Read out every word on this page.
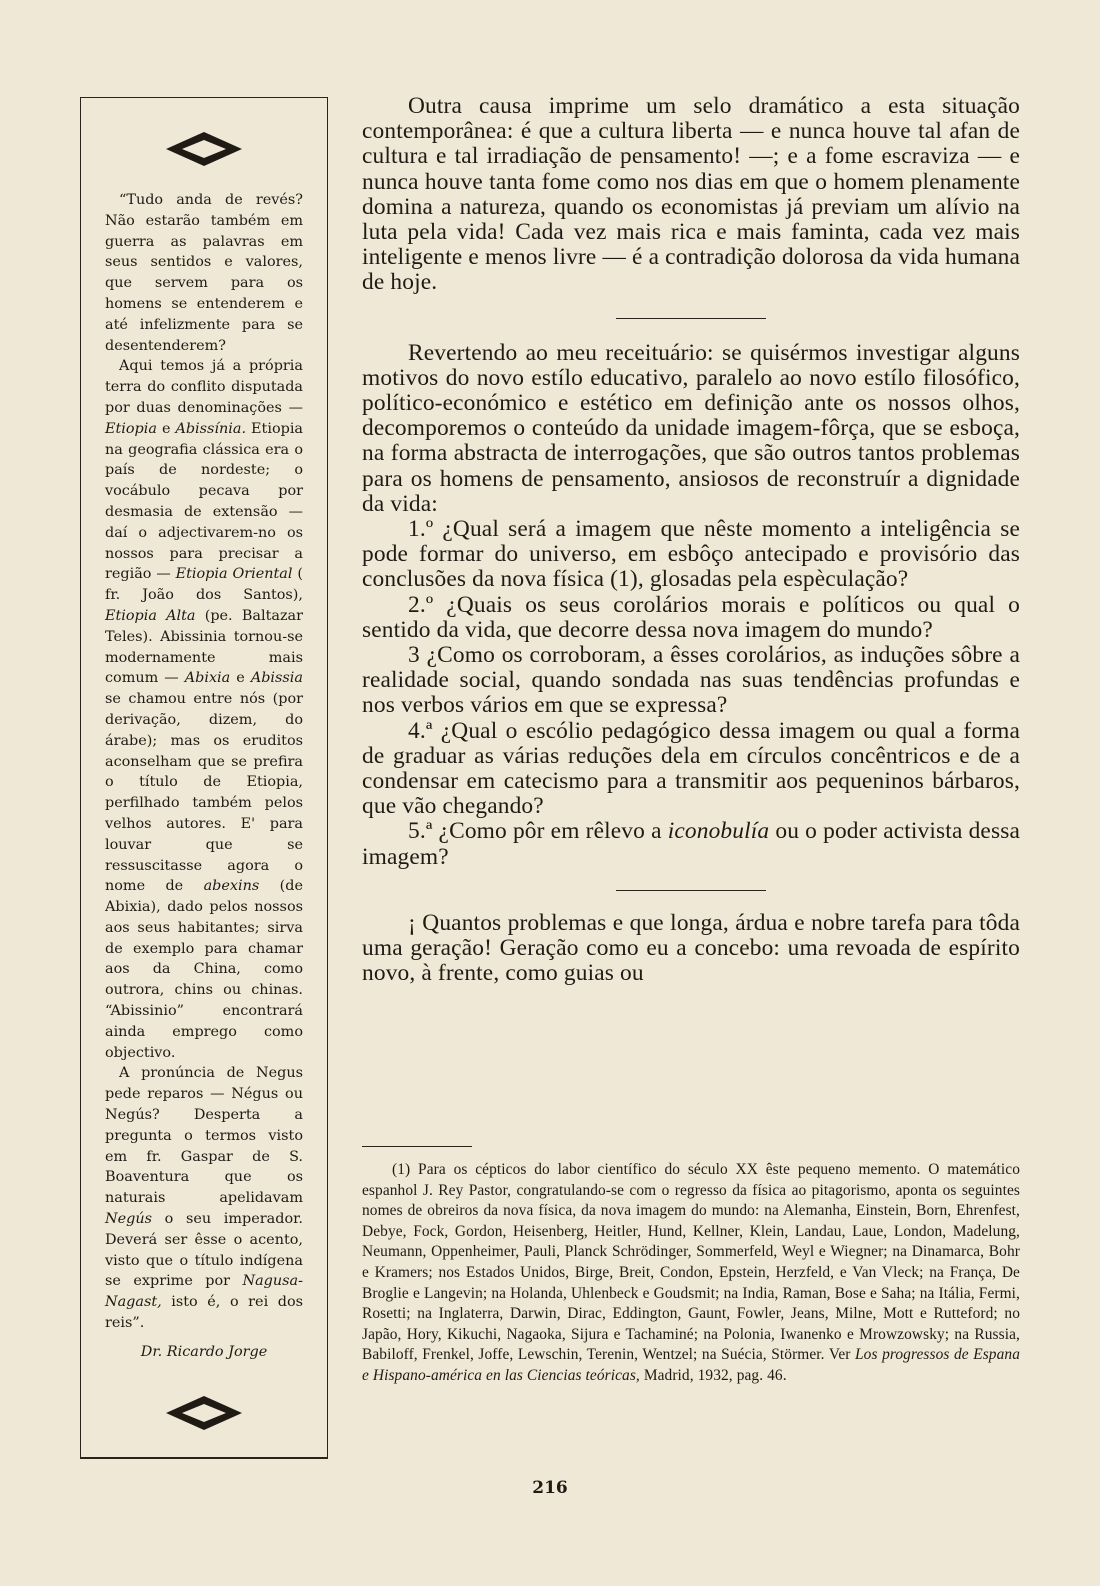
“Tudo anda de revés? Não estarão também em guerra as palavras em seus sentidos e valores, que servem para os homens se entenderem e até infelizmente para se desentenderem?

Aqui temos já a própria terra do conflito disputada por duas denominações — Etiopia e Abissínia. Etiopia na geografia clássica era o país de nordeste; o vocábulo pecava por desmasia de extensão — daí o adjectivarem-no os nossos para precisar a região — Etiopia Oriental ( fr. João dos Santos), Etiopia Alta (pe. Baltazar Teles). Abissinia tornou-se modernamente mais comum — Abixia e Abissia se chamou entre nós (por derivação, dizem, do árabe); mas os eruditos aconselham que se prefira o título de Etiopia, perfilhado também pelos velhos autores. E' para louvar que se ressuscitasse agora o nome de abexins (de Abixia), dado pelos nossos aos seus habitantes; sirva de exemplo para chamar aos da China, como outrora, chins ou chinas. “Abissinio” encontrará ainda emprego como objectivo.

A pronúncia de Negus pede reparos — Négus ou Negús? Desperta a pregunta o termos visto em fr. Gaspar de S. Boaventura que os naturais apelidavam Negús o seu imperador. Deverá ser êsse o acento, visto que o título indígena se exprime por Nagusa-Nagast, isto é, o rei dos reis”.

Dr. Ricardo Jorge

Outra causa imprime um selo dramático a esta situação contemporânea: é que a cultura liberta — e nunca houve tal afan de cultura e tal irradiação de pensamento! —; e a fome escraviza — e nunca houve tanta fome como nos dias em que o homem plenamente domina a natureza, quando os economistas já previam um alívio na luta pela vida! Cada vez mais rica e mais faminta, cada vez mais inteligente e menos livre — é a contradição dolorosa da vida humana de hoje.

Revertendo ao meu receituário: se quisérmos investigar alguns motivos do novo estílo educativo, paralelo ao novo estílo filosófico, político-económico e estético em definição ante os nossos olhos, decomporemos o conteúdo da unidade imagem-fôrça, que se esboça, na forma abstracta de interrogações, que são outros tantos problemas para os homens de pensamento, ansiosos de reconstruír a dignidade da vida:

1.º ¿Qual será a imagem que nêste momento a inteligência se pode formar do universo, em esbôço antecipado e provisório das conclusões da nova física (1), glosadas pela espèculação?

2.º ¿Quais os seus corolários morais e políticos ou qual o sentido da vida, que decorre dessa nova imagem do mundo?

3 ¿Como os corroboram, a êsses corolários, as induções sôbre a realidade social, quando sondada nas suas tendências profundas e nos verbos vários em que se expressa?

4.ª ¿Qual o escólio pedagógico dessa imagem ou qual a forma de graduar as várias reduções dela em círculos concêntricos e de a condensar em catecismo para a transmitir aos pequeninos bárbaros, que vão chegando?

5.ª ¿Como pôr em rêlevo a iconobulía ou o poder activista dessa imagem?

¡ Quantos problemas e que longa, árdua e nobre tarefa para tôda uma geração! Geração como eu a concebo: uma revoada de espírito novo, à frente, como guias ou

(1) Para os cépticos do labor científico do século XX êste pequeno memento. O matemático espanhol J. Rey Pastor, congratulando-se com o regresso da física ao pitagorismo, aponta os seguintes nomes de obreiros da nova física, da nova imagem do mundo: na Alemanha, Einstein, Born, Ehrenfest, Debye, Fock, Gordon, Heisenberg, Heitler, Hund, Kellner, Klein, Landau, Laue, London, Madelung, Neumann, Oppenheimer, Pauli, Planck Schrödinger, Sommerfeld, Weyl e Wiegner; na Dinamarca, Bohr e Kramers; nos Estados Unidos, Birge, Breit, Condon, Epstein, Herzfeld, e Van Vleck; na França, De Broglie e Langevin; na Holanda, Uhlenbeck e Goudsmit; na India, Raman, Bose e Saha; na Itália, Fermi, Rosetti; na Inglaterra, Darwin, Dirac, Eddington, Gaunt, Fowler, Jeans, Milne, Mott e Rutteford; no Japão, Hory, Kikuchi, Nagaoka, Sijura e Tachaminé; na Polonia, Iwanenko e Mrowzowsky; na Russia, Babiloff, Frenkel, Joffe, Lewschin, Terenin, Wentzel; na Suécia, Störmer. Ver Los progressos de Espana e Hispano-américa en las Ciencias teóricas, Madrid, 1932, pag. 46.

216
